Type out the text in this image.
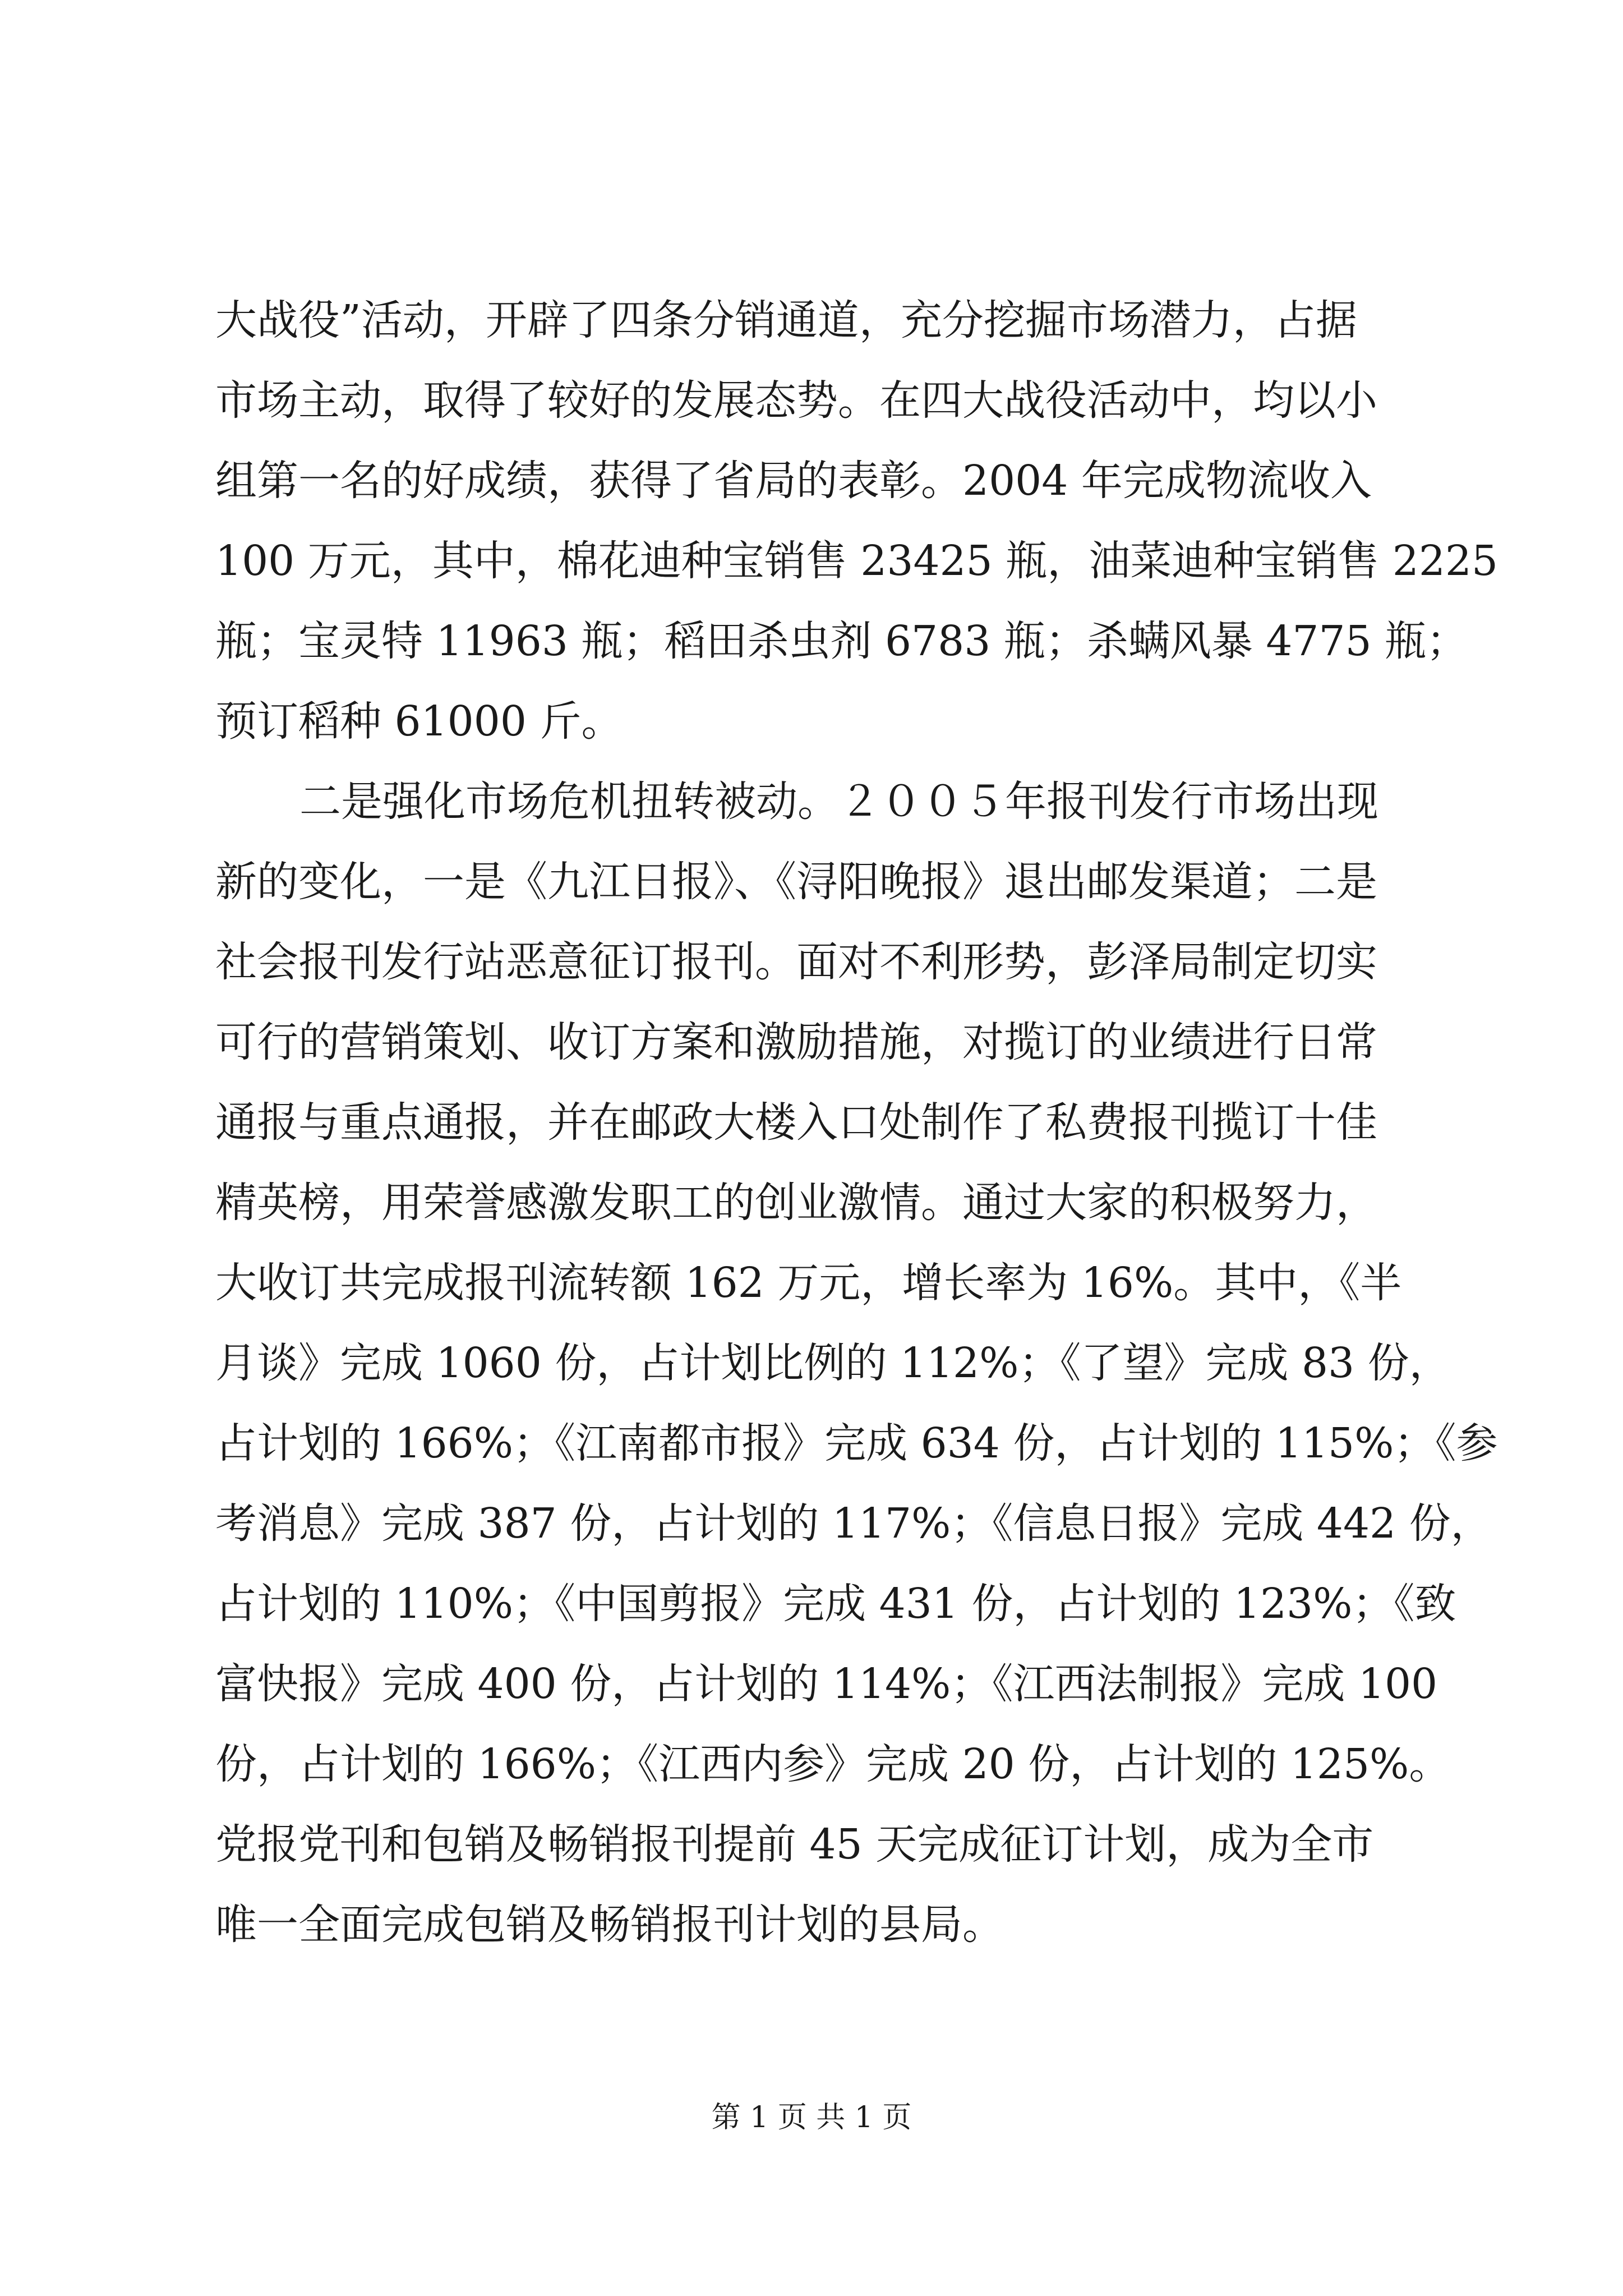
大战役”活动，开辟了四条分销通道，充分挖掘市场潜力，占据
市场主动，取得了较好的发展态势。在四大战役活动中，均以小
组第一名的好成绩，获得了省局的表彰。2004 年完成物流收入
100 万元，其中，棉花迪种宝销售 23425 瓶，油菜迪种宝销售 2225
瓶；宝灵特 11963 瓶；稻田杀虫剂 6783 瓶；杀螨风暴 4775 瓶；
预订稻种 61000 斤。
二是强化市场危机扭转被动。２００５年报刊发行市场出现
新的变化，一是《九江日报》、《浔阳晚报》退出邮发渠道；二是
社会报刊发行站恶意征订报刊。面对不利形势，彭泽局制定切实
可行的营销策划、收订方案和激励措施，对揽订的业绩进行日常
通报与重点通报，并在邮政大楼入口处制作了私费报刊揽订十佳
精英榜，用荣誉感激发职工的创业激情。通过大家的积极努力，
大收订共完成报刊流转额 162 万元，增长率为 16%。其中，《半
月谈》完成 1060 份，占计划比例的 112%；《了望》完成 83 份，
占计划的 166%；《江南都市报》完成 634 份，占计划的 115%；《参
考消息》完成 387 份，占计划的 117%；《信息日报》完成 442 份，
占计划的 110%；《中国剪报》完成 431 份，占计划的 123%；《致
富快报》完成 400 份，占计划的 114%；《江西法制报》完成 100
份，占计划的 166%；《江西内参》完成 20 份，占计划的 125%。
党报党刊和包销及畅销报刊提前 45 天完成征订计划，成为全市
唯一全面完成包销及畅销报刊计划的县局。
第 1 页 共 1 页
